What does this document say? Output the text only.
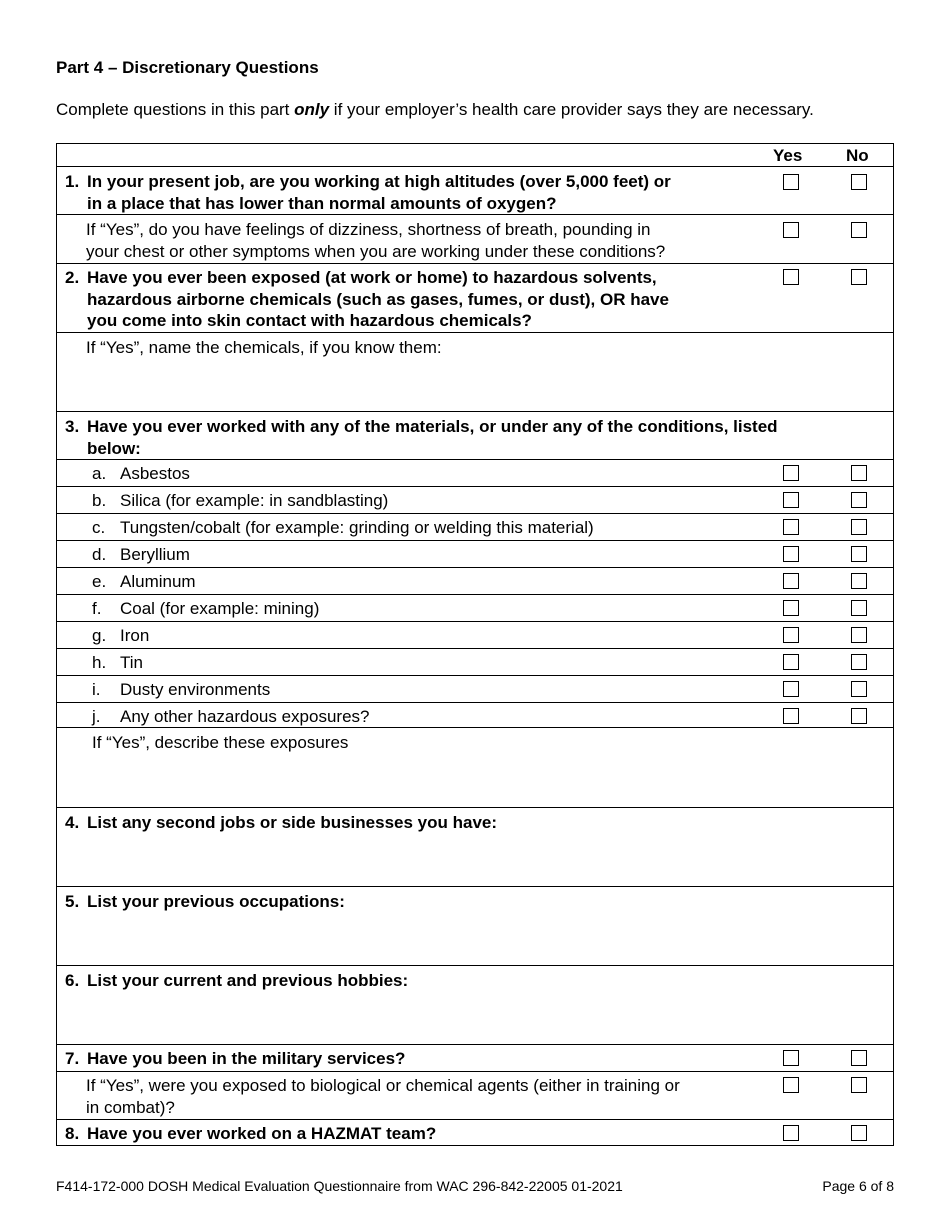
Part 4 – Discretionary Questions
Complete questions in this part only if your employer’s health care provider says they are necessary.
Yes	No
1. In your present job, are you working at high altitudes (over 5,000 feet) or
in a place that has lower than normal amounts of oxygen?
If “Yes”, do you have feelings of dizziness, shortness of breath, pounding in
your chest or other symptoms when you are working under these conditions?
2. Have you ever been exposed (at work or home) to hazardous solvents,
hazardous airborne chemicals (such as gases, fumes, or dust), OR have
you come into skin contact with hazardous chemicals?
If “Yes”, name the chemicals, if you know them:
3. Have you ever worked with any of the materials, or under any of the conditions, listed
below:
a. Asbestos
b. Silica (for example: in sandblasting)
c. Tungsten/cobalt (for example: grinding or welding this material)
d. Beryllium
e. Aluminum
f. Coal (for example: mining)
g. Iron
h. Tin
i. Dusty environments
j. Any other hazardous exposures?
If “Yes”, describe these exposures
4. List any second jobs or side businesses you have:
5. List your previous occupations:
6. List your current and previous hobbies:
7. Have you been in the military services?
If “Yes”, were you exposed to biological or chemical agents (either in training or
in combat)?
8. Have you ever worked on a HAZMAT team?
F414-172-000 DOSH Medical Evaluation Questionnaire from WAC 296-842-22005 01-2021	Page 6 of 8
